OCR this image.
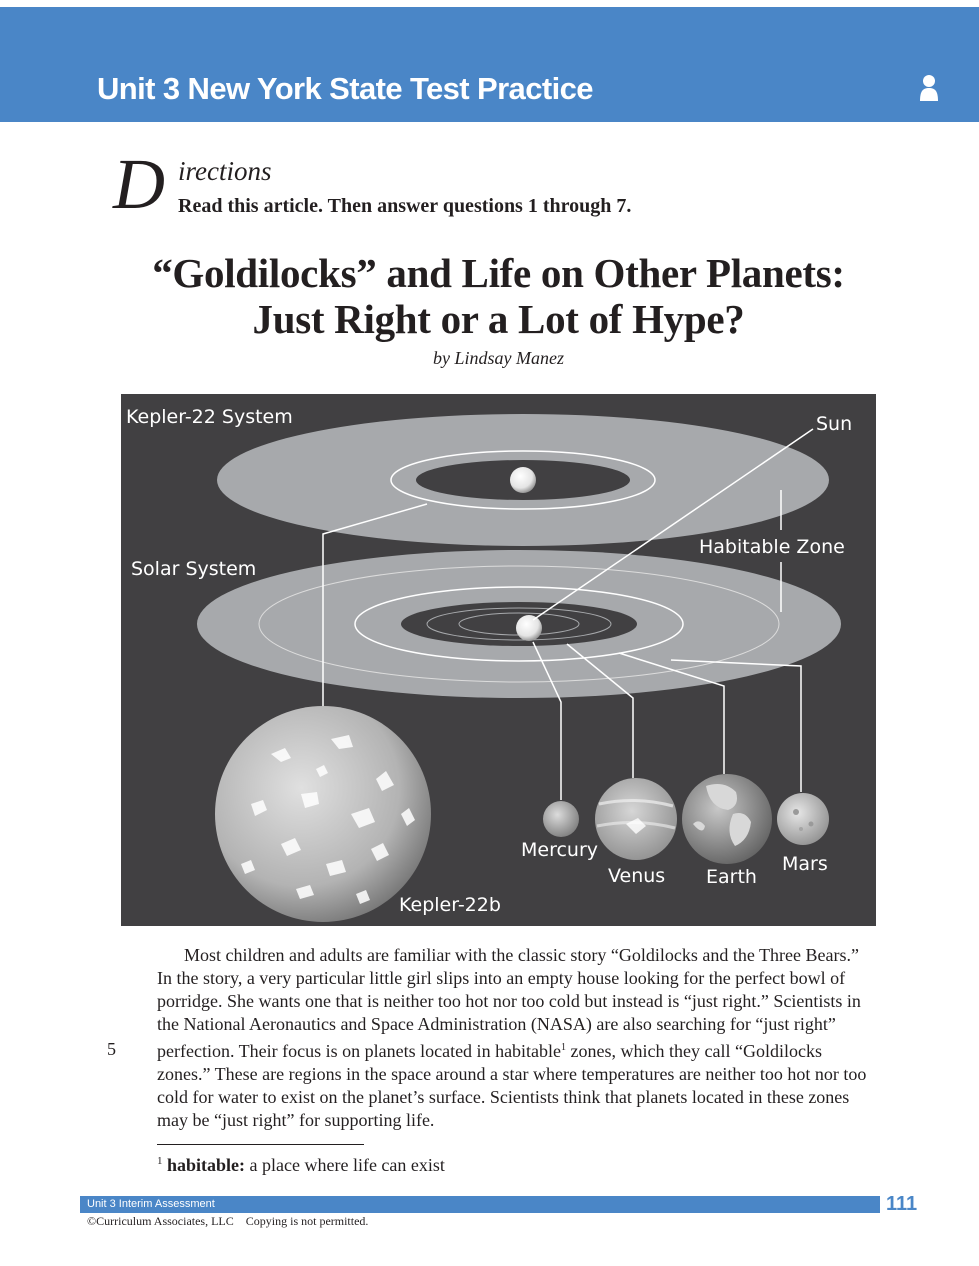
Unit 3 New York State Test Practice
D irections
Read this article. Then answer questions 1 through 7.
“Goldilocks” and Life on Other Planets:
Just Right or a Lot of Hype?
by Lindsay Manez
Kepler-22 System	Sun
Habitable Zone
Solar System
Mercury
Venus Earth
Mars
Kepler-22b

Most children and adults are familiar with the classic story “Goldilocks and the Three Bears.” In the story, a very particular little girl slips into an empty house looking for the perfect bowl of porridge. She wants one that is neither too hot nor too cold but instead is “just right.” Scientists in the National Aeronautics and Space Administration (NASA) are also searching for “just right” perfection. Their focus is on planets located in habitable$^1$ zones, which they call “Goldilocks zones.” These are regions in the space around a star where temperatures are neither too hot nor too cold for water to exist on the planet’s surface. Scientists think that planets located in these zones may be “just right” for supporting life.

5
$^1$ habitable: a place where life can exist
Unit 3 Interim Assessment	111
©Curriculum Associates, LLC    Copying is not permitted.
